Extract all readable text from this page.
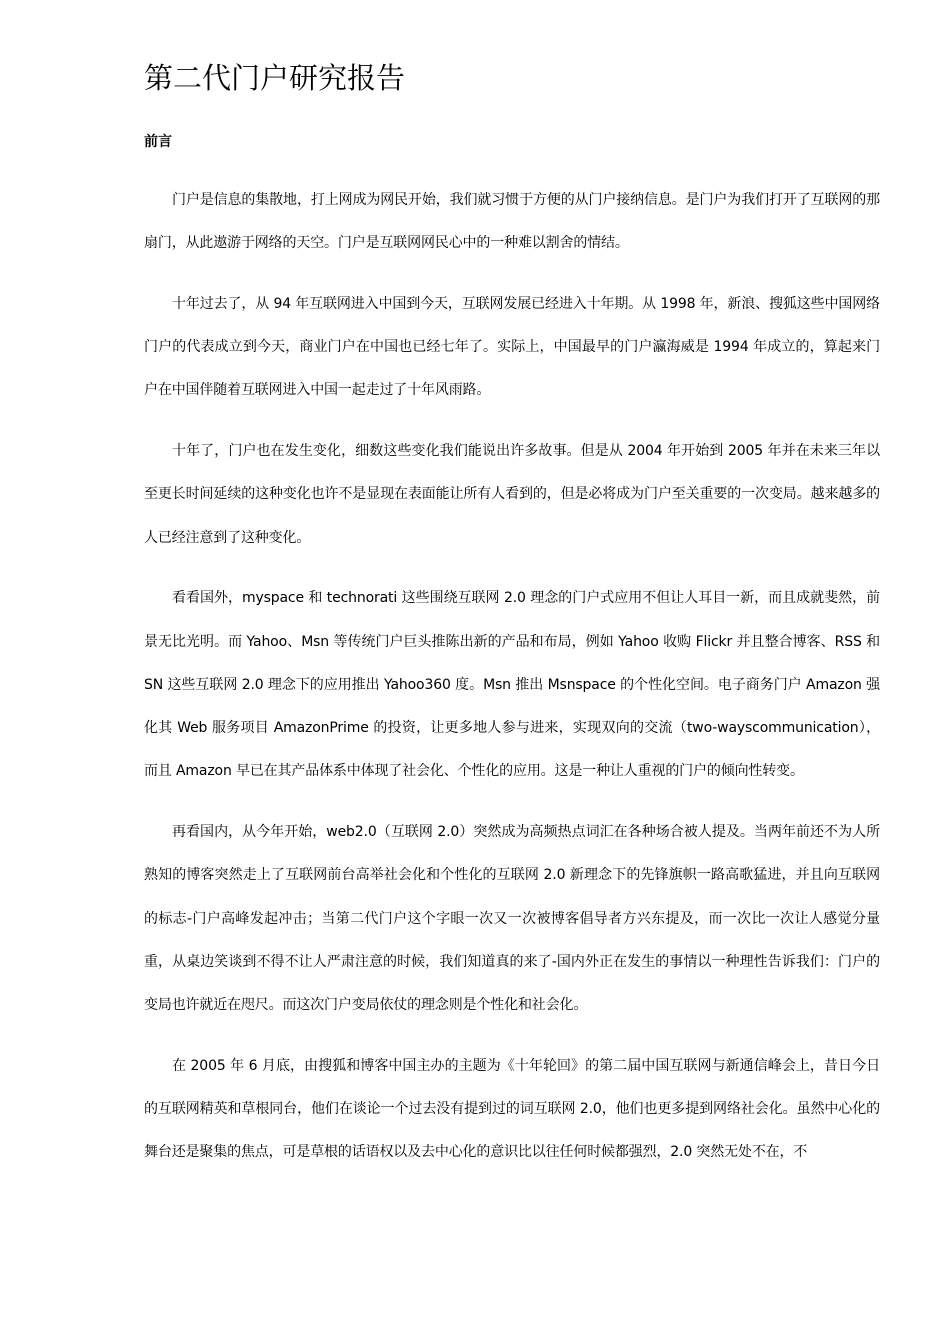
第二代门户研究报告
前言

门户是信息的集散地，打上网成为网民开始，我们就习惯于方便的从门户接纳信息。是门户为我们打开了互联网的那扇门，从此遨游于网络的天空。门户是互联网网民心中的一种难以割舍的情结。

十年过去了，从 94 年互联网进入中国到今天，互联网发展已经进入十年期。从 1998 年，新浪、搜狐这些中国网络门户的代表成立到今天，商业门户在中国也已经七年了。实际上，中国最早的门户瀛海威是 1994 年成立的，算起来门户在中国伴随着互联网进入中国一起走过了十年风雨路。

十年了，门户也在发生变化，细数这些变化我们能说出许多故事。但是从 2004 年开始到 2005 年并在未来三年以至更长时间延续的这种变化也许不是显现在表面能让所有人看到的，但是必将成为门户至关重要的一次变局。越来越多的人已经注意到了这种变化。

看看国外，myspace 和 technorati 这些围绕互联网 2.0 理念的门户式应用不但让人耳目一新，而且成就斐然，前景无比光明。而 Yahoo、Msn 等传统门户巨头推陈出新的产品和布局，例如 Yahoo 收购 Flickr 并且整合博客、RSS 和 SN 这些互联网 2.0 理念下的应用推出 Yahoo360 度。Msn 推出 Msnspace 的个性化空间。电子商务门户 Amazon 强化其 Web 服务项目 AmazonPrime 的投资，让更多地人参与进来，实现双向的交流（two-wayscommunication），而且 Amazon 早已在其产品体系中体现了社会化、个性化的应用。这是一种让人重视的门户的倾向性转变。

再看国内，从今年开始，web2.0（互联网 2.0）突然成为高频热点词汇在各种场合被人提及。当两年前还不为人所熟知的博客突然走上了互联网前台高举社会化和个性化的互联网 2.0 新理念下的先锋旗帜一路高歌猛进，并且向互联网的标志-门户高峰发起冲击；当第二代门户这个字眼一次又一次被博客倡导者方兴东提及，而一次比一次让人感觉分量重，从桌边笑谈到不得不让人严肃注意的时候，我们知道真的来了-国内外正在发生的事情以一种理性告诉我们：门户的变局也许就近在咫尺。而这次门户变局依仗的理念则是个性化和社会化。

在 2005 年 6 月底，由搜狐和博客中国主办的主题为《十年轮回》的第二届中国互联网与新通信峰会上，昔日今日的互联网精英和草根同台，他们在谈论一个过去没有提到过的词互联网 2.0，他们也更多提到网络社会化。虽然中心化的舞台还是聚集的焦点，可是草根的话语权以及去中心化的意识比以往任何时候都强烈，2.0 突然无处不在，不
